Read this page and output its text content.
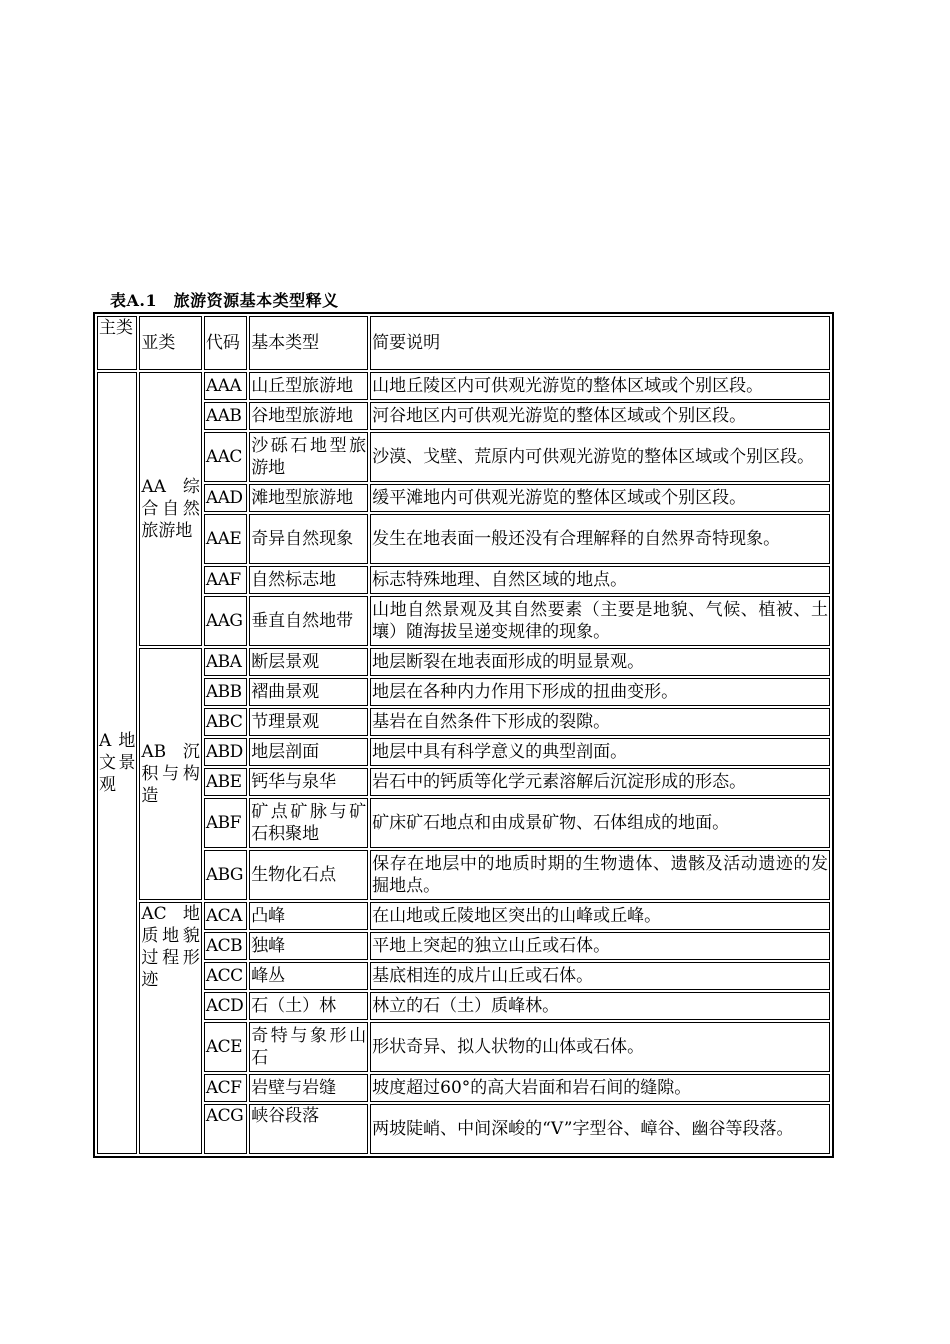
表A.1　旅游资源基本类型释义
主类	亚类	代码	基本类型	简要说明
A 地文景观	AA 综合自然旅游地	AAA	山丘型旅游地	山地丘陵区内可供观光游览的整体区域或个别区段。
		AAB	谷地型旅游地	河谷地区内可供观光游览的整体区域或个别区段。
		AAC	沙砾石地型旅游地	沙漠、戈壁、荒原内可供观光游览的整体区域或个别区段。
		AAD	滩地型旅游地	缓平滩地内可供观光游览的整体区域或个别区段。
		AAE	奇异自然现象	发生在地表面一般还没有合理解释的自然界奇特现象。
		AAF	自然标志地	标志特殊地理、自然区域的地点。
		AAG	垂直自然地带	山地自然景观及其自然要素（主要是地貌、气候、植被、土壤）随海拔呈递变规律的现象。
	AB 沉积与构造	ABA	断层景观	地层断裂在地表面形成的明显景观。
		ABB	褶曲景观	地层在各种内力作用下形成的扭曲变形。
		ABC	节理景观	基岩在自然条件下形成的裂隙。
		ABD	地层剖面	地层中具有科学意义的典型剖面。
		ABE	钙华与泉华	岩石中的钙质等化学元素溶解后沉淀形成的形态。
		ABF	矿点矿脉与矿石积聚地	矿床矿石地点和由成景矿物、石体组成的地面。
		ABG	生物化石点	保存在地层中的地质时期的生物遗体、遗骸及活动遗迹的发掘地点。
	AC 地质地貌过程形迹	ACA	凸峰	在山地或丘陵地区突出的山峰或丘峰。
		ACB	独峰	平地上突起的独立山丘或石体。
		ACC	峰丛	基底相连的成片山丘或石体。
		ACD	石（土）林	林立的石（土）质峰林。
		ACE	奇特与象形山石	形状奇异、拟人状物的山体或石体。
		ACF	岩壁与岩缝	坡度超过60°的高大岩面和岩石间的缝隙。
		ACG	峡谷段落	两坡陡峭、中间深峻的“V”字型谷、嶂谷、幽谷等段落。
